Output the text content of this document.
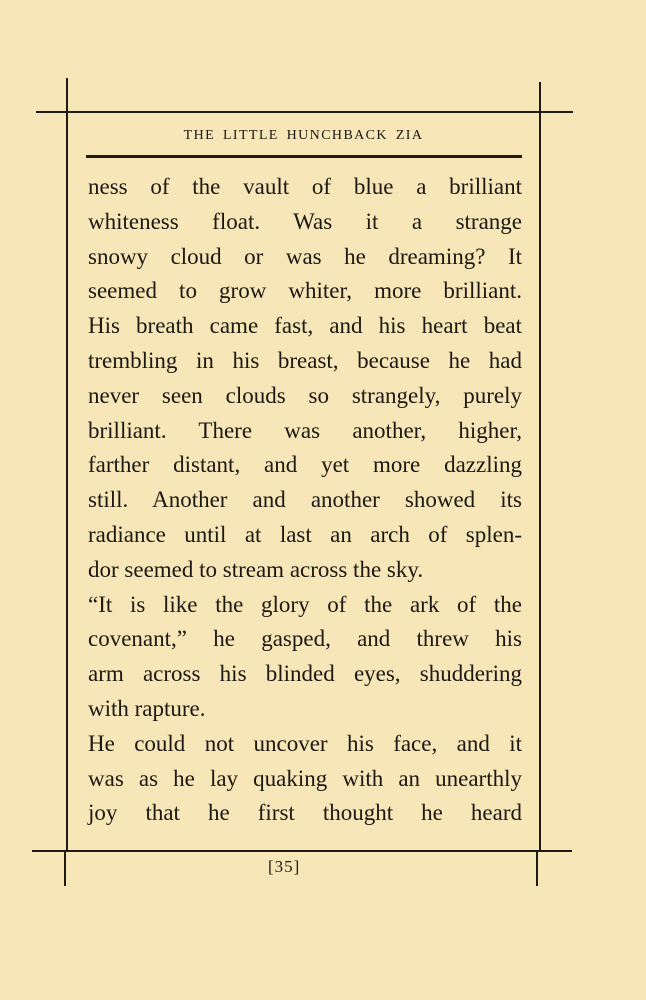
THE LITTLE HUNCHBACK ZIA
ness of the vault of blue a brilliant
whiteness float. Was it a strange
snowy cloud or was he dreaming? It
seemed to grow whiter, more brilliant.
His breath came fast, and his heart beat
trembling in his breast, because he had
never seen clouds so strangely, purely
brilliant. There was another, higher,
farther distant, and yet more dazzling
still. Another and another showed its
radiance until at last an arch of splen-
dor seemed to stream across the sky.
“It is like the glory of the ark of the
covenant,” he gasped, and threw his
arm across his blinded eyes, shuddering
with rapture.
He could not uncover his face, and it
was as he lay quaking with an unearthly
joy that he first thought he heard
[35]
